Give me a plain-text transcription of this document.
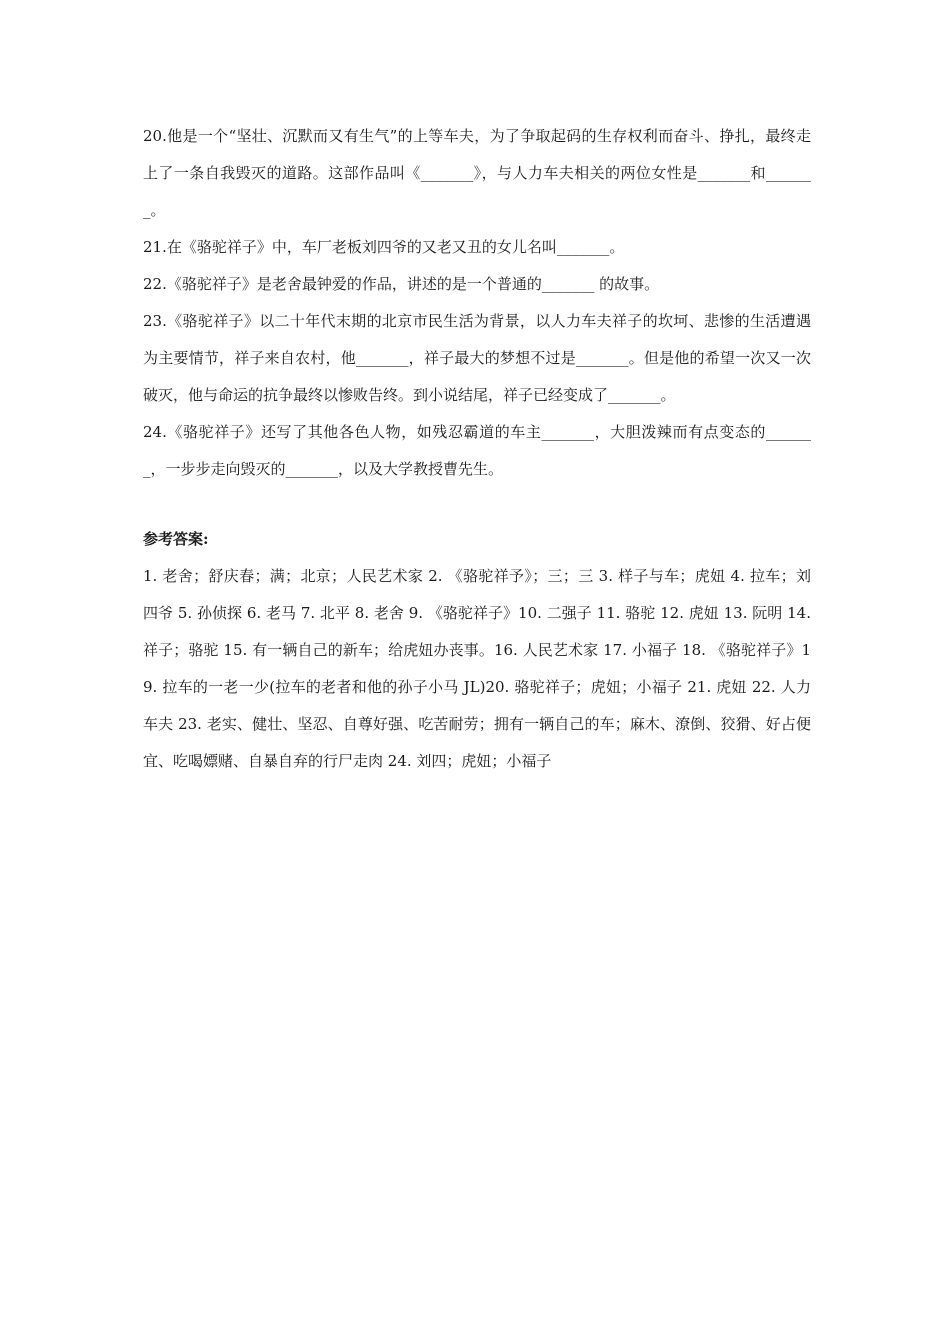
20.他是一个“坚壮、沉默而又有生气”的上等车夫，为了争取起码的生存权利而奋斗、挣扎，最终走上了一条自我毁灭的道路。这部作品叫《_______》，与人力车夫相关的两位女性是_______和_______。

21.在《骆驼祥子》中，车厂老板刘四爷的又老又丑的女儿名叫_______。

22.《骆驼祥子》是老舍最钟爱的作品，讲述的是一个普通的_______ 的故事。

23.《骆驼祥子》以二十年代末期的北京市民生活为背景，以人力车夫祥子的坎坷、悲惨的生活遭遇为主要情节，祥子来自农村，他_______，祥子最大的梦想不过是_______。但是他的希望一次又一次破灭，他与命运的抗争最终以惨败告终。到小说结尾，祥子已经变成了_______。

24.《骆驼祥子》还写了其他各色人物，如残忍霸道的车主_______，大胆泼辣而有点变态的_______，一步步走向毁灭的_______，以及大学教授曹先生。

参考答案:

1. 老舍；舒庆春；满；北京；人民艺术家 2. 《骆驼祥予》；三；三 3. 样子与车；虎妞 4. 拉车；刘四爷 5. 孙侦探 6. 老马 7. 北平 8. 老舍 9. 《骆驼祥子》10. 二强子 11. 骆驼 12. 虎妞 13. 阮明 14. 祥子；骆驼 15. 有一辆自己的新车；给虎妞办丧事。16. 人民艺术家 17. 小福子 18. 《骆驼祥子》19. 拉车的一老一少(拉车的老者和他的孙子小马 JL)20. 骆驼祥子；虎妞；小福子 21. 虎妞 22. 人力车夫 23. 老实、健壮、坚忍、自尊好强、吃苦耐劳；拥有一辆自己的车；麻木、潦倒、狡猾、好占便宜、吃喝嫖赌、自暴自弃的行尸走肉 24. 刘四；虎妞；小福子
